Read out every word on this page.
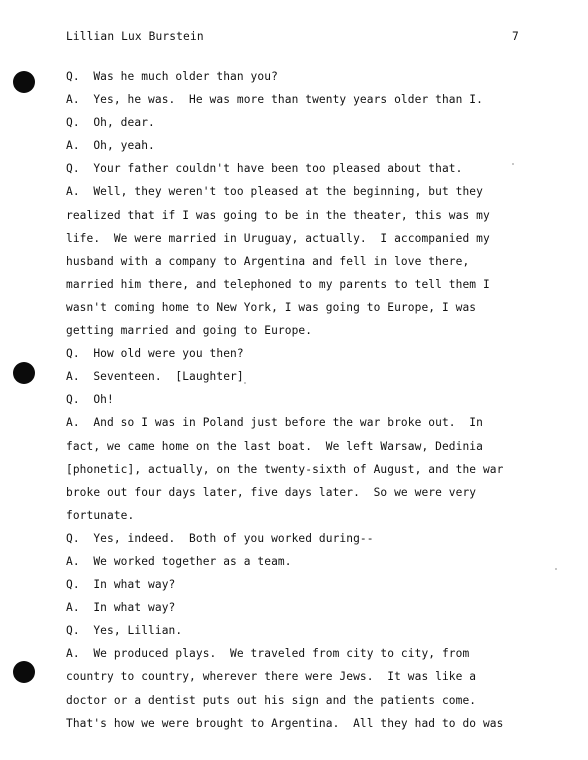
Lillian Lux Burstein	7
Q.  Was he much older than you?
A.  Yes, he was.  He was more than twenty years older than I.
Q.  Oh, dear.
A.  Oh, yeah.
Q.  Your father couldn't have been too pleased about that.
A.  Well, they weren't too pleased at the beginning, but they
realized that if I was going to be in the theater, this was my
life.  We were married in Uruguay, actually.  I accompanied my
husband with a company to Argentina and fell in love there,
married him there, and telephoned to my parents to tell them I
wasn't coming home to New York, I was going to Europe, I was
getting married and going to Europe.
Q.  How old were you then?
A.  Seventeen.  [Laughter]
Q.  Oh!
A.  And so I was in Poland just before the war broke out.  In
fact, we came home on the last boat.  We left Warsaw, Dedinia
[phonetic], actually, on the twenty-sixth of August, and the war
broke out four days later, five days later.  So we were very
fortunate.
Q.  Yes, indeed.  Both of you worked during--
A.  We worked together as a team.
Q.  In what way?
A.  In what way?
Q.  Yes, Lillian.
A.  We produced plays.  We traveled from city to city, from
country to country, wherever there were Jews.  It was like a
doctor or a dentist puts out his sign and the patients come.
That's how we were brought to Argentina.  All they had to do was
